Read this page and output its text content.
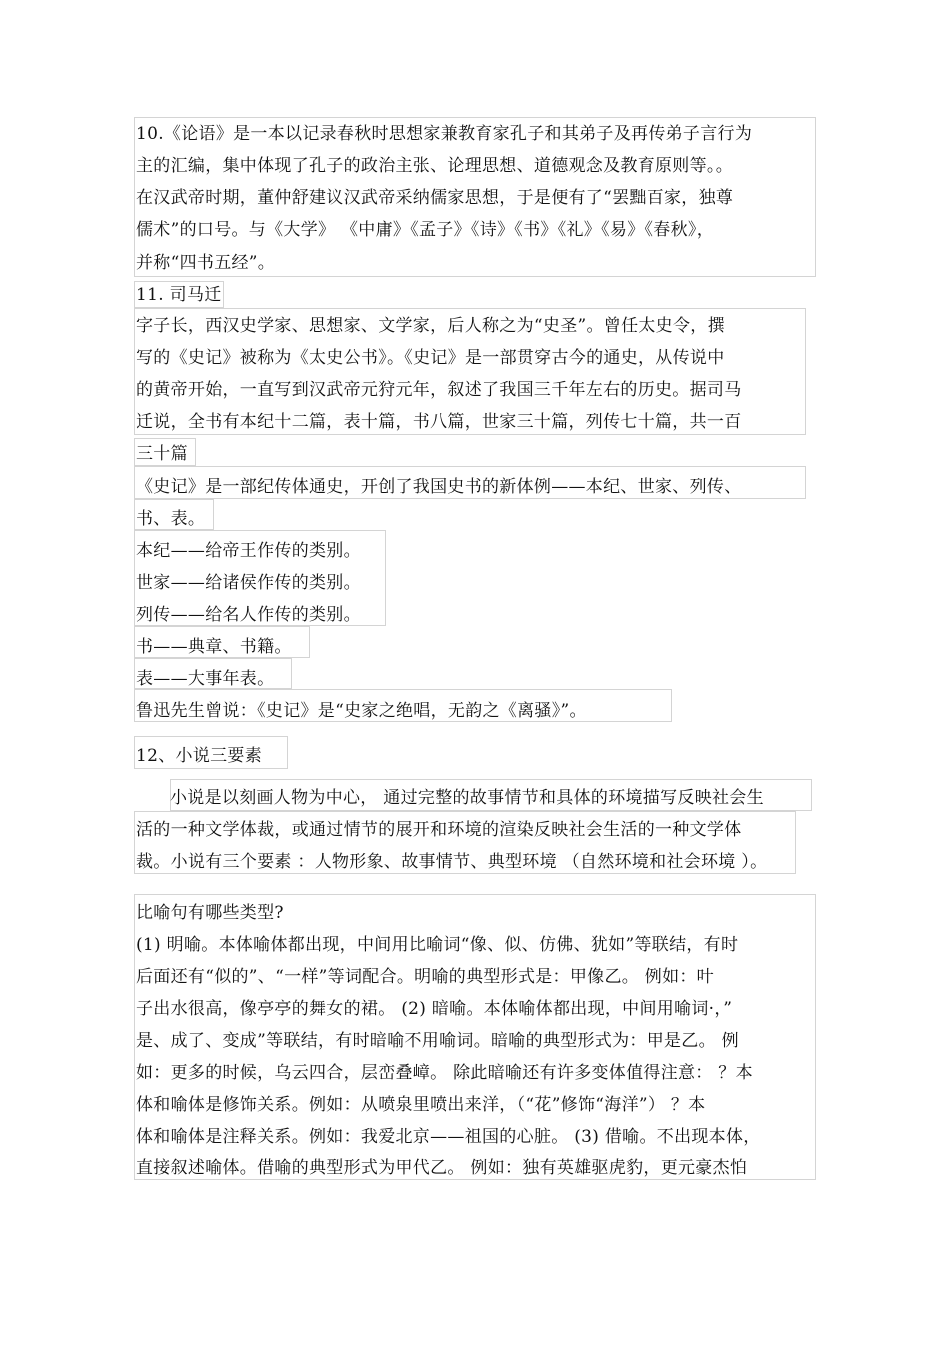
10.《论语》是一本以记录春秋时思想家兼教育家孔子和其弟子及再传弟子言行为
主的汇编，集中体现了孔子的政治主张、论理思想、道德观念及教育原则等。。
在汉武帝时期，董仲舒建议汉武帝采纳儒家思想，于是便有了“罢黜百家，独尊
儒术”的口号。与《大学》 《中庸》《孟子》《诗》《书》《礼》《易》《春秋》，
并称“四书五经”。
11. 司马迁
字子长，西汉史学家、思想家、文学家，后人称之为“史圣”。曾任太史令，撰
写的《史记》被称为《太史公书》。《史记》是一部贯穿古今的通史，从传说中
的黄帝开始，一直写到汉武帝元狩元年，叙述了我国三千年左右的历史。据司马
迁说，全书有本纪十二篇，表十篇，书八篇，世家三十篇，列传七十篇，共一百
三十篇
《史记》是一部纪传体通史，开创了我国史书的新体例——本纪、世家、列传、
书、表。
本纪——给帝王作传的类别。
世家——给诸侯作传的类别。
列传——给名人作传的类别。
书——典章、书籍。
表——大事年表。
鲁迅先生曾说：《史记》是“史家之绝唱，无韵之《离骚》”。
12、小说三要素
小说是以刻画人物为中心， 通过完整的故事情节和具体的环境描写反映社会生
活的一种文学体裁，或通过情节的展开和环境的渲染反映社会生活的一种文学体
裁。小说有三个要素 ：人物形象、故事情节、典型环境 （自然环境和社会环境 ）。
比喻句有哪些类型?
(1) 明喻。本体喻体都出现，中间用比喻词“像、似、仿佛、犹如”等联结，有时
后面还有“似的”、“一样”等词配合。明喻的典型形式是：甲像乙。 例如：叶
子出水很高，像亭亭的舞女的裙。 (2) 暗喻。本体喻体都出现，中间用喻词·，”
是、成了、变成”等联结，有时暗喻不用喻词。暗喻的典型形式为：甲是乙。 例
如：更多的时候，乌云四合，层峦叠嶂。 除此暗喻还有许多变体值得注意： ？本
体和喻体是修饰关系。例如：从喷泉里喷出来洋，（“花”修饰“海洋”） ？本
体和喻体是注释关系。例如：我爱北京——祖国的心脏。 (3) 借喻。不出现本体，
直接叙述喻体。借喻的典型形式为甲代乙。 例如：独有英雄驱虎豹，更元豪杰怕
